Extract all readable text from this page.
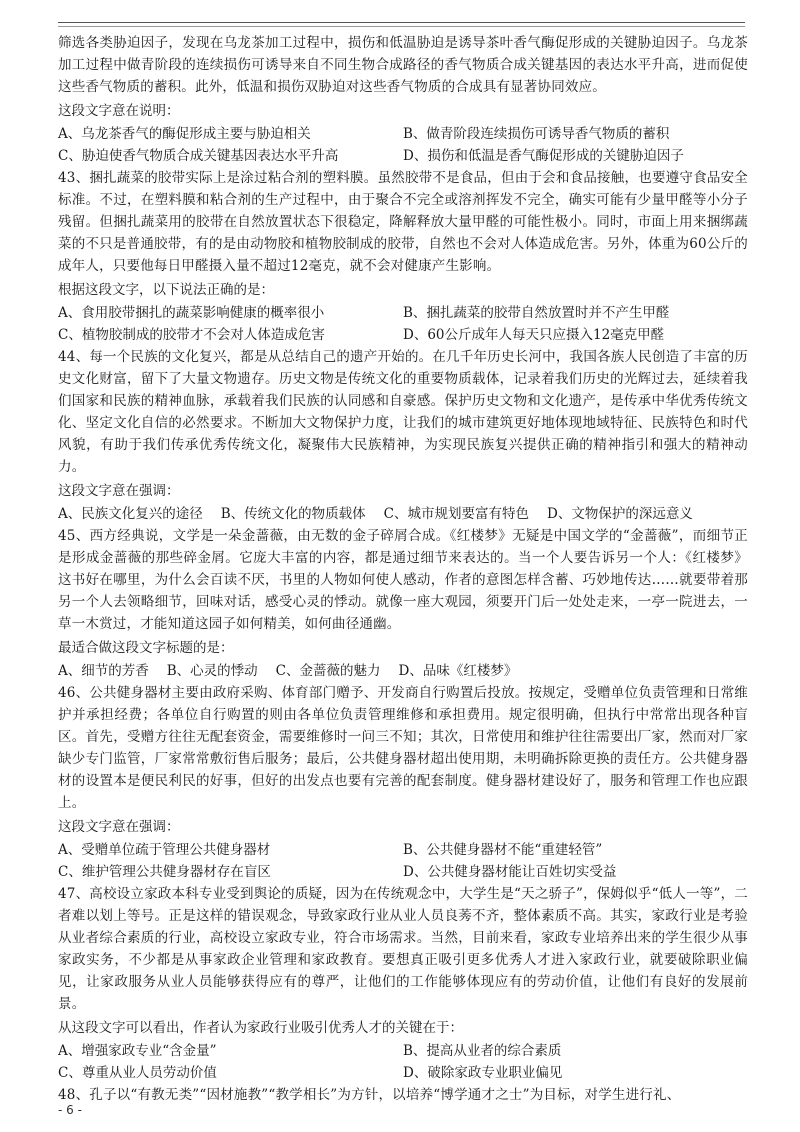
筛选各类胁迫因子，发现在乌龙茶加工过程中，损伤和低温胁迫是诱导茶叶香气酶促形成的关键胁迫因子。乌龙茶加工过程中做青阶段的连续损伤可诱导来自不同生物合成路径的香气物质合成关键基因的表达水平升高，进而促使这些香气物质的蓄积。此外，低温和损伤双胁迫对这些香气物质的合成具有显著协同效应。

这段文字意在说明：

A、乌龙茶香气的酶促形成主要与胁迫相关	B、做青阶段连续损伤可诱导香气物质的蓄积
C、胁迫使香气物质合成关键基因表达水平升高	D、损伤和低温是香气酶促形成的关键胁迫因子

43、捆扎蔬菜的胶带实际上是涂过粘合剂的塑料膜。虽然胶带不是食品，但由于会和食品接触，也要遵守食品安全标准。不过，在塑料膜和粘合剂的生产过程中，由于聚合不完全或溶剂挥发不完全，确实可能有少量甲醛等小分子残留。但捆扎蔬菜用的胶带在自然放置状态下很稳定，降解释放大量甲醛的可能性极小。同时，市面上用来捆绑蔬菜的不只是普通胶带，有的是由动物胶和植物胶制成的胶带，自然也不会对人体造成危害。另外，体重为60公斤的成年人，只要他每日甲醛摄入量不超过12毫克，就不会对健康产生影响。

根据这段文字，以下说法正确的是：

A、食用胶带捆扎的蔬菜影响健康的概率很小	B、捆扎蔬菜的胶带自然放置时并不产生甲醛
C、植物胶制成的胶带才不会对人体造成危害	D、60公斤成年人每天只应摄入12毫克甲醛

44、每一个民族的文化复兴，都是从总结自己的遗产开始的。在几千年历史长河中，我国各族人民创造了丰富的历史文化财富，留下了大量文物遗存。历史文物是传统文化的重要物质载体，记录着我们历史的光辉过去，延续着我们国家和民族的精神血脉，承载着我们民族的认同感和自豪感。保护历史文物和文化遗产，是传承中华优秀传统文化、坚定文化自信的必然要求。不断加大文物保护力度，让我们的城市建筑更好地体现地域特征、民族特色和时代风貌，有助于我们传承优秀传统文化，凝聚伟大民族精神，为实现民族复兴提供正确的精神指引和强大的精神动力。

这段文字意在强调：

A、民族文化复兴的途径 B、传统文化的物质载体 C、城市规划要富有特色 D、文物保护的深远意义

45、西方经典说，文学是一朵金蔷薇，由无数的金子碎屑合成。《红楼梦》无疑是中国文学的“金蔷薇”，而细节正是形成金蔷薇的那些碎金屑。它庞大丰富的内容，都是通过细节来表达的。当一个人要告诉另一个人：《红楼梦》这书好在哪里，为什么会百读不厌，书里的人物如何使人感动，作者的意图怎样含蓄、巧妙地传达……就要带着那另一个人去领略细节，回味对话，感受心灵的悸动。就像一座大观园，须要开门后一处处走来，一亭一院进去，一草一木赏过，才能知道这园子如何精美，如何曲径通幽。

最适合做这段文字标题的是：

A、细节的芳香 B、心灵的悸动 C、金蔷薇的魅力 D、品味《红楼梦》

46、公共健身器材主要由政府采购、体育部门赠予、开发商自行购置后投放。按规定，受赠单位负责管理和日常维护并承担经费；各单位自行购置的则由各单位负责管理维修和承担费用。规定很明确，但执行中常常出现各种盲区。首先，受赠方往往无配套资金，需要维修时一问三不知；其次，日常使用和维护往往需要出厂家，然而对厂家缺少专门监管，厂家常常敷衍售后服务；最后，公共健身器材超出使用期，未明确拆除更换的责任方。公共健身器材的设置本是便民利民的好事，但好的出发点也要有完善的配套制度。健身器材建设好了，服务和管理工作也应跟上。

这段文字意在强调：

A、受赠单位疏于管理公共健身器材	B、公共健身器材不能“重建轻管”
C、维护管理公共健身器材存在盲区	D、公共健身器材能让百姓切实受益

47、高校设立家政本科专业受到舆论的质疑，因为在传统观念中，大学生是“天之骄子”，保姆似乎“低人一等”，二者难以划上等号。正是这样的错误观念，导致家政行业从业人员良莠不齐，整体素质不高。其实，家政行业是考验从业者综合素质的行业，高校设立家政专业，符合市场需求。当然，目前来看，家政专业培养出来的学生很少从事家政实务，不少都是从事家政企业管理和家政教育。要想真正吸引更多优秀人才进入家政行业，就要破除职业偏见，让家政服务从业人员能够获得应有的尊严，让他们的工作能够体现应有的劳动价值，让他们有良好的发展前景。

从这段文字可以看出，作者认为家政行业吸引优秀人才的关键在于：

A、增强家政专业“含金量”	B、提高从业者的综合素质
C、尊重从业人员劳动价值	D、破除家政专业职业偏见

48、孔子以“有教无类”“因材施教”“教学相长”为方针，以培养“博学通才之士”为目标，对学生进行礼、

- 6 -
